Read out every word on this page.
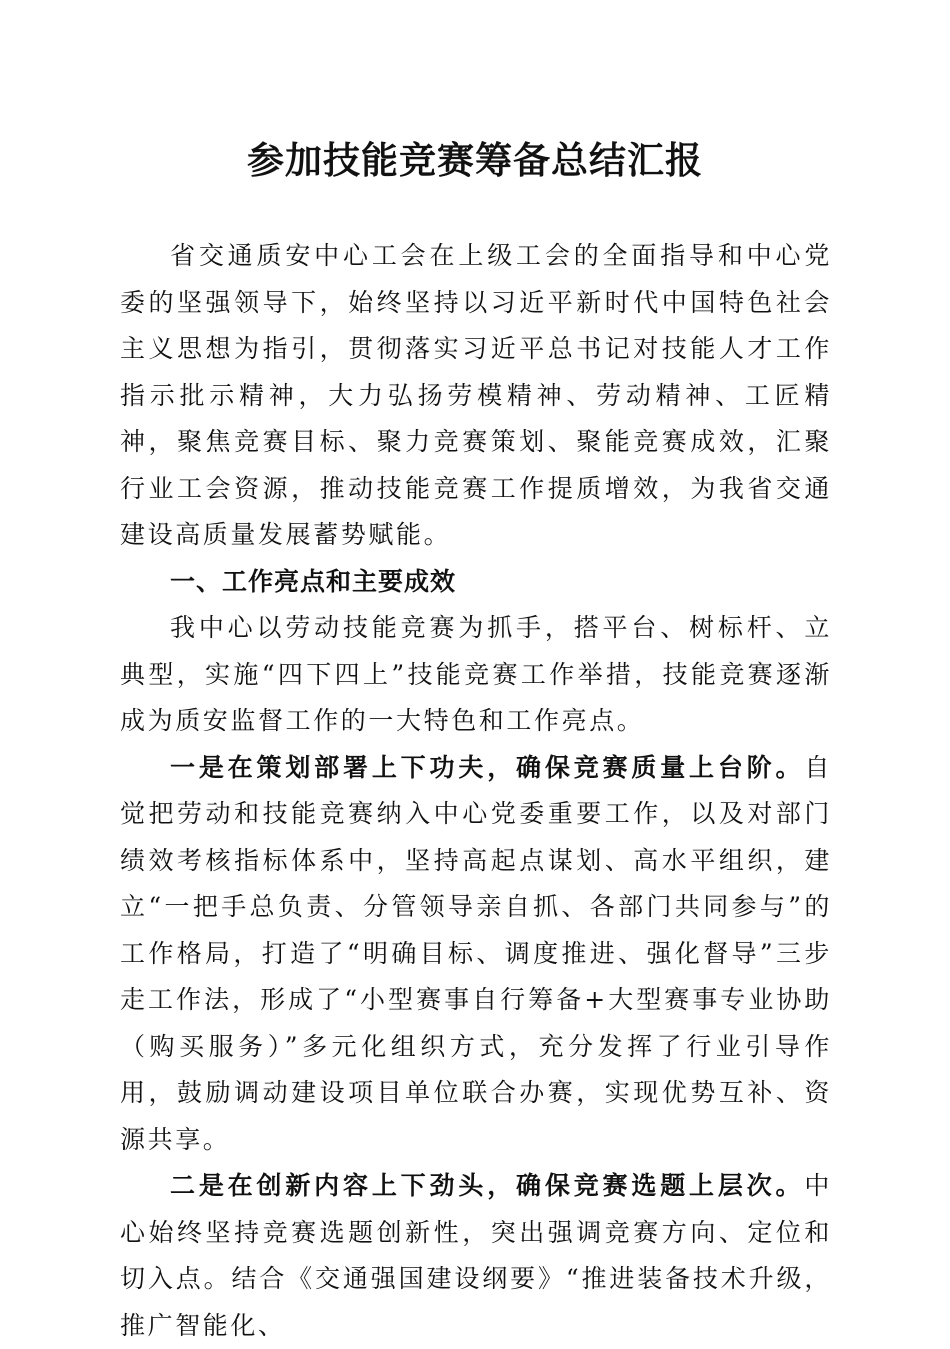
参加技能竞赛筹备总结汇报

省交通质安中心工会在上级工会的全面指导和中心党委的坚强领导下，始终坚持以习近平新时代中国特色社会主义思想为指引，贯彻落实习近平总书记对技能人才工作指示批示精神，大力弘扬劳模精神、劳动精神、工匠精神，聚焦竞赛目标、聚力竞赛策划、聚能竞赛成效，汇聚行业工会资源，推动技能竞赛工作提质增效，为我省交通建设高质量发展蓄势赋能。

一、工作亮点和主要成效

我中心以劳动技能竞赛为抓手，搭平台、树标杆、立典型，实施“四下四上”技能竞赛工作举措，技能竞赛逐渐成为质安监督工作的一大特色和工作亮点。

一是在策划部署上下功夫，确保竞赛质量上台阶。自觉把劳动和技能竞赛纳入中心党委重要工作，以及对部门绩效考核指标体系中，坚持高起点谋划、高水平组织，建立“一把手总负责、分管领导亲自抓、各部门共同参与”的工作格局，打造了“明确目标、调度推进、强化督导”三步走工作法，形成了“小型赛事自行筹备+大型赛事专业协助（购买服务）”多元化组织方式，充分发挥了行业引导作用，鼓励调动建设项目单位联合办赛，实现优势互补、资源共享。

二是在创新内容上下劲头，确保竞赛选题上层次。中心始终坚持竞赛选题创新性，突出强调竞赛方向、定位和切入点。结合《交通强国建设纲要》“推进装备技术升级，推广智能化、
